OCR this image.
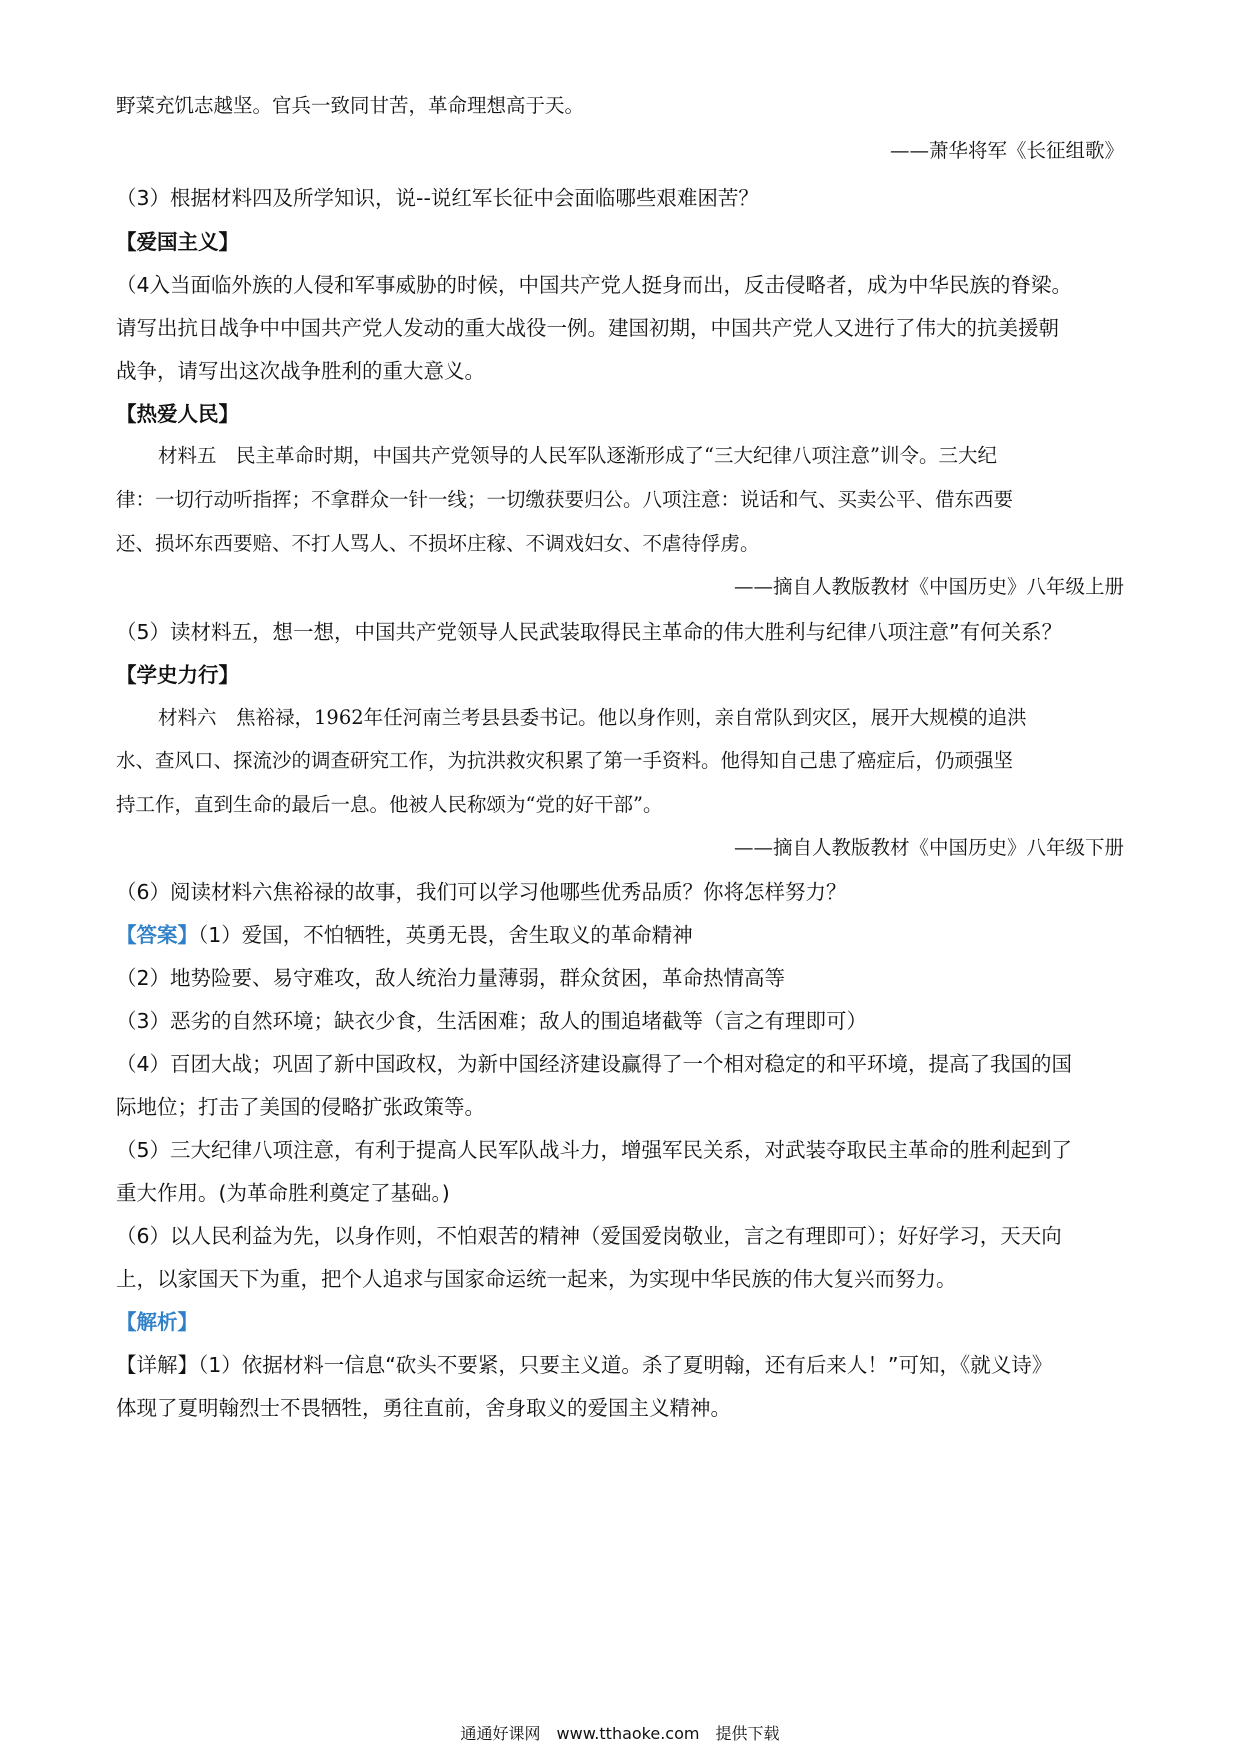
野菜充饥志越坚。官兵一致同甘苦，革命理想高于天。
——萧华将军《长征组歌》
（3）根据材料四及所学知识，说--说红军长征中会面临哪些艰难困苦？
【爱国主义】
（4入当面临外族的人侵和军事威胁的时候，中国共产党人挺身而出，反击侵略者，成为中华民族的脊梁。
请写出抗日战争中中国共产党人发动的重大战役一例。建国初期，中国共产党人又进行了伟大的抗美援朝
战争，请写出这次战争胜利的重大意义。
【热爱人民】
材料五　民主革命时期，中国共产党领导的人民军队逐渐形成了“三大纪律八项注意”训令。三大纪
律：一切行动听指挥；不拿群众一针一线；一切缴获要归公。八项注意：说话和气、买卖公平、借东西要
还、损坏东西要赔、不打人骂人、不损坏庄稼、不调戏妇女、不虐待俘虏。
——摘自人教版教材《中国历史》八年级上册
（5）读材料五，想一想，中国共产党领导人民武装取得民主革命的伟大胜利与纪律八项注意”有何关系？
【学史力行】
材料六　焦裕禄，1962年任河南兰考县县委书记。他以身作则，亲自常队到灾区，展开大规模的追洪
水、查风口、探流沙的调查研究工作，为抗洪救灾积累了第一手资料。他得知自己患了癌症后，仍顽强坚
持工作，直到生命的最后一息。他被人民称颂为“党的好干部”。
——摘自人教版教材《中国历史》八年级下册
（6）阅读材料六焦裕禄的故事，我们可以学习他哪些优秀品质？你将怎样努力？
【答案】（1）爱国，不怕牺牲，英勇无畏，舍生取义的革命精神
（2）地势险要、易守难攻，敌人统治力量薄弱，群众贫困，革命热情高等
（3）恶劣的自然环境；缺衣少食，生活困难；敌人的围追堵截等（言之有理即可）
（4）百团大战；巩固了新中国政权，为新中国经济建设赢得了一个相对稳定的和平环境，提高了我国的国
际地位；打击了美国的侵略扩张政策等。
（5）三大纪律八项注意，有利于提高人民军队战斗力，增强军民关系，对武装夺取民主革命的胜利起到了
重大作用。(为革命胜利奠定了基础。)
（6）以人民利益为先，以身作则，不怕艰苦的精神（爱国爱岗敬业，言之有理即可）；好好学习，天天向
上，以家国天下为重，把个人追求与国家命运统一起来，为实现中华民族的伟大复兴而努力。
【解析】
【详解】（1）依据材料一信息“砍头不要紧，只要主义道。杀了夏明翰，还有后来人！”可知，《就义诗》
体现了夏明翰烈士不畏牺牲，勇往直前，舍身取义的爱国主义精神。
通通好课网　www.tthaoke.com　提供下载
